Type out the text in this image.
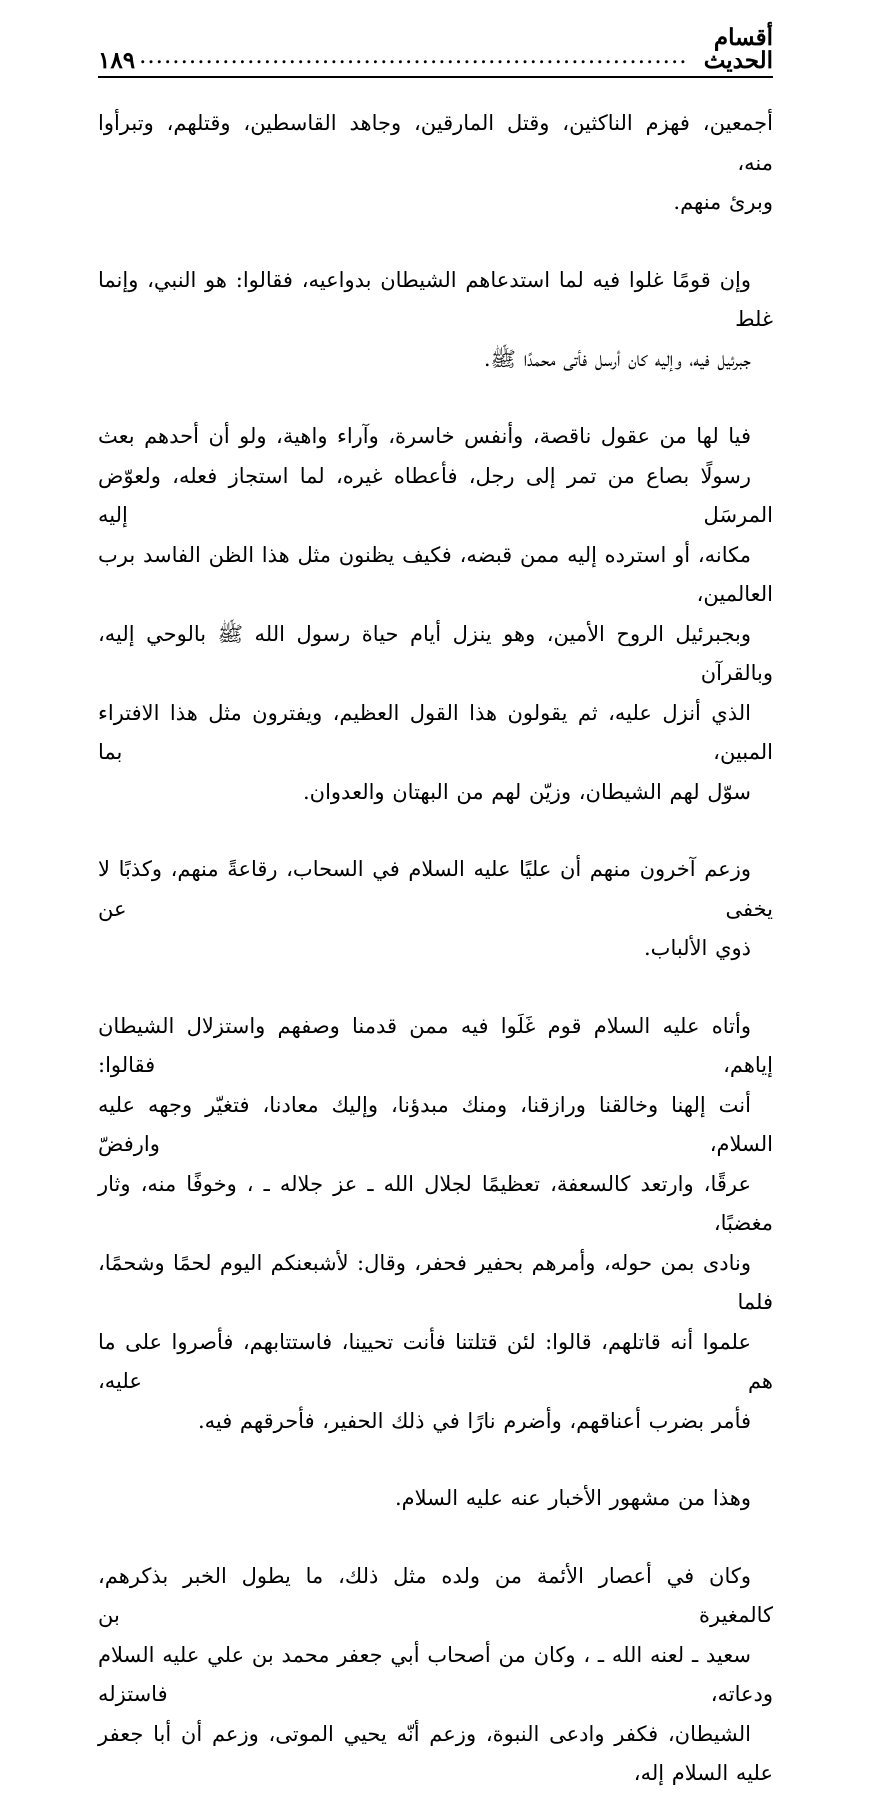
أقسام الحديث
..................................................................
١٨٩

أجمعين، فهزم الناكثين، وقتل المارقين، وجاهد القاسطين، وقتلهم، وتبرأوا منه،
وبرئ منهم.

وإن قومًا غلوا فيه لما استدعاهم الشيطان بدواعيه، فقالوا: هو النبي، وإنما غلط
جبرئيل فيه، وإليه كان أرسل فأتى محمدًا ﷺ.

فيا لها من عقول ناقصة، وأنفس خاسرة، وآراء واهية، ولو أن أحدهم بعث
رسولًا بصاع من تمر إلى رجل، فأعطاه غيره، لما استجاز فعله، ولعوّض المرسَل إليه
مكانه، أو استرده إليه ممن قبضه، فكيف يظنون مثل هذا الظن الفاسد برب العالمين،
وبجبرئيل الروح الأمين، وهو ينزل أيام حياة رسول الله ﷺ بالوحي إليه، وبالقرآن
الذي أنزل عليه، ثم يقولون هذا القول العظيم، ويفترون مثل هذا الافتراء المبين، بما
سوّل لهم الشيطان، وزيّن لهم من البهتان والعدوان.

وزعم آخرون منهم أن عليًا عليه السلام في السحاب، رقاعةً منهم، وكذبًا لا يخفى عن
ذوي الألباب.

وأتاه عليه السلام قوم غَلَوا فيه ممن قدمنا وصفهم واستزلال الشيطان إياهم، فقالوا:
أنت إلهنا وخالقنا ورازقنا، ومنك مبدؤنا، وإليك معادنا، فتغيّر وجهه عليه السلام، وارفضّ
عرقًا، وارتعد كالسعفة، تعظيمًا لجلال الله ـ عز جلاله ـ ، وخوفًا منه، وثار مغضبًا،
ونادى بمن حوله، وأمرهم بحفير فحفر، وقال: لأشبعنكم اليوم لحمًا وشحمًا، فلما
علموا أنه قاتلهم، قالوا: لئن قتلتنا فأنت تحيينا، فاستتابهم، فأصروا على ما هم عليه،
فأمر بضرب أعناقهم، وأضرم نارًا في ذلك الحفير، فأحرقهم فيه.

وهذا من مشهور الأخبار عنه عليه السلام.

وكان في أعصار الأئمة من ولده مثل ذلك، ما يطول الخبر بذكرهم، كالمغيرة بن
سعيد ـ لعنه الله ـ ، وكان من أصحاب أبي جعفر محمد بن علي عليه السلام ودعاته، فاستزله
الشيطان، فكفر وادعى النبوة، وزعم أنّه يحيي الموتى، وزعم أن أبا جعفر عليه السلام إله،
